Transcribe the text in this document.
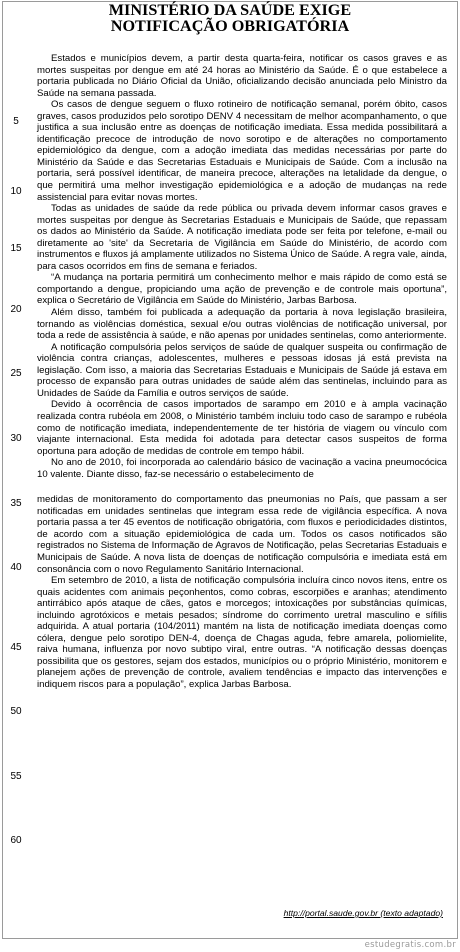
MINISTÉRIO DA SAÚDE EXIGE
NOTIFICAÇÃO OBRIGATÓRIA
5
10
15
20
25
30
35
40
45
50
55
60

Estados e municípios devem, a partir desta quarta-feira, notificar os casos graves e as mortes suspeitas por dengue em até 24 horas ao Ministério da Saúde. É o que estabelece a portaria publicada no Diário Oficial da União, oficializando decisão anunciada pelo Ministro da Saúde na semana passada.

Os casos de dengue seguem o fluxo rotineiro de notificação semanal, porém óbito, casos graves, casos produzidos pelo sorotipo DENV 4 necessitam de melhor acompanhamento, o que justifica a sua inclusão entre as doenças de notificação imediata. Essa medida possibilitará a identificação precoce de introdução de novo sorotipo e de alterações no comportamento epidemiológico da dengue, com a adoção imediata das medidas necessárias por parte do Ministério da Saúde e das Secretarias Estaduais e Municipais de Saúde. Com a inclusão na portaria, será possível identificar, de maneira precoce, alterações na letalidade da dengue, o que permitirá uma melhor investigação epidemiológica e a adoção de mudanças na rede assistencial para evitar novas mortes.

Todas as unidades de saúde da rede pública ou privada devem informar casos graves e mortes suspeitas por dengue às Secretarias Estaduais e Municipais de Saúde, que repassam os dados ao Ministério da Saúde. A notificação imediata pode ser feita por telefone, e-mail ou diretamente ao 'site' da Secretaria de Vigilância em Saúde do Ministério, de acordo com instrumentos e fluxos já amplamente utilizados no Sistema Único de Saúde. A regra vale, ainda, para casos ocorridos em fins de semana e feriados.

“A mudança na portaria permitirá um conhecimento melhor e mais rápido de como está se comportando a dengue, propiciando uma ação de prevenção e de controle mais oportuna”, explica o Secretário de Vigilância em Saúde do Ministério, Jarbas Barbosa.

Além disso, também foi publicada a adequação da portaria à nova legislação brasileira, tornando as violências doméstica, sexual e/ou outras violências de notificação universal, por toda a rede de assistência à saúde, e não apenas por unidades sentinelas, como anteriormente.

A notificação compulsória pelos serviços de saúde de qualquer suspeita ou confirmação de violência contra crianças, adolescentes, mulheres e pessoas idosas já está prevista na legislação. Com isso, a maioria das Secretarias Estaduais e Municipais de Saúde já estava em processo de expansão para outras unidades de saúde além das sentinelas, incluindo para as Unidades de Saúde da Família e outros serviços de saúde.

Devido à ocorrência de casos importados de sarampo em 2010 e à ampla vacinação realizada contra rubéola em 2008, o Ministério também incluiu todo caso de sarampo e rubéola como de notificação imediata, independentemente de ter história de viagem ou vínculo com viajante internacional. Esta medida foi adotada para detectar casos suspeitos de forma oportuna para adoção de medidas de controle em tempo hábil.

No ano de 2010, foi incorporada ao calendário básico de vacinação a vacina pneumocócica 10 valente. Diante disso, faz-se necessário o estabelecimento de

medidas de monitoramento do comportamento das pneumonias no País, que passam a ser notificadas em unidades sentinelas que integram essa rede de vigilância específica. A nova portaria passa a ter 45 eventos de notificação obrigatória, com fluxos e periodicidades distintos, de acordo com a situação epidemiológica de cada um. Todos os casos notificados são registrados no Sistema de Informação de Agravos de Notificação, pelas Secretarias Estaduais e Municipais de Saúde. A nova lista de doenças de notificação compulsória e imediata está em consonância com o novo Regulamento Sanitário Internacional.

Em setembro de 2010, a lista de notificação compulsória incluíra cinco novos itens, entre os quais acidentes com animais peçonhentos, como cobras, escorpiões e aranhas; atendimento antirrábico após ataque de cães, gatos e morcegos; intoxicações por substâncias químicas, incluindo agrotóxicos e metais pesados; síndrome do corrimento uretral masculino e sífilis adquirida. A atual portaria (104/2011) mantém na lista de notificação imediata doenças como cólera, dengue pelo sorotipo DEN-4, doença de Chagas aguda, febre amarela, poliomielite, raiva humana, influenza por novo subtipo viral, entre outras. “A notificação dessas doenças possibilita que os gestores, sejam dos estados, municípios ou o próprio Ministério, monitorem e planejem ações de prevenção de controle, avaliem tendências e impacto das intervenções e indiquem riscos para a população”, explica Jarbas Barbosa.

http://portal.saude.gov.br (texto adaptado)
estudegratis.com.br
